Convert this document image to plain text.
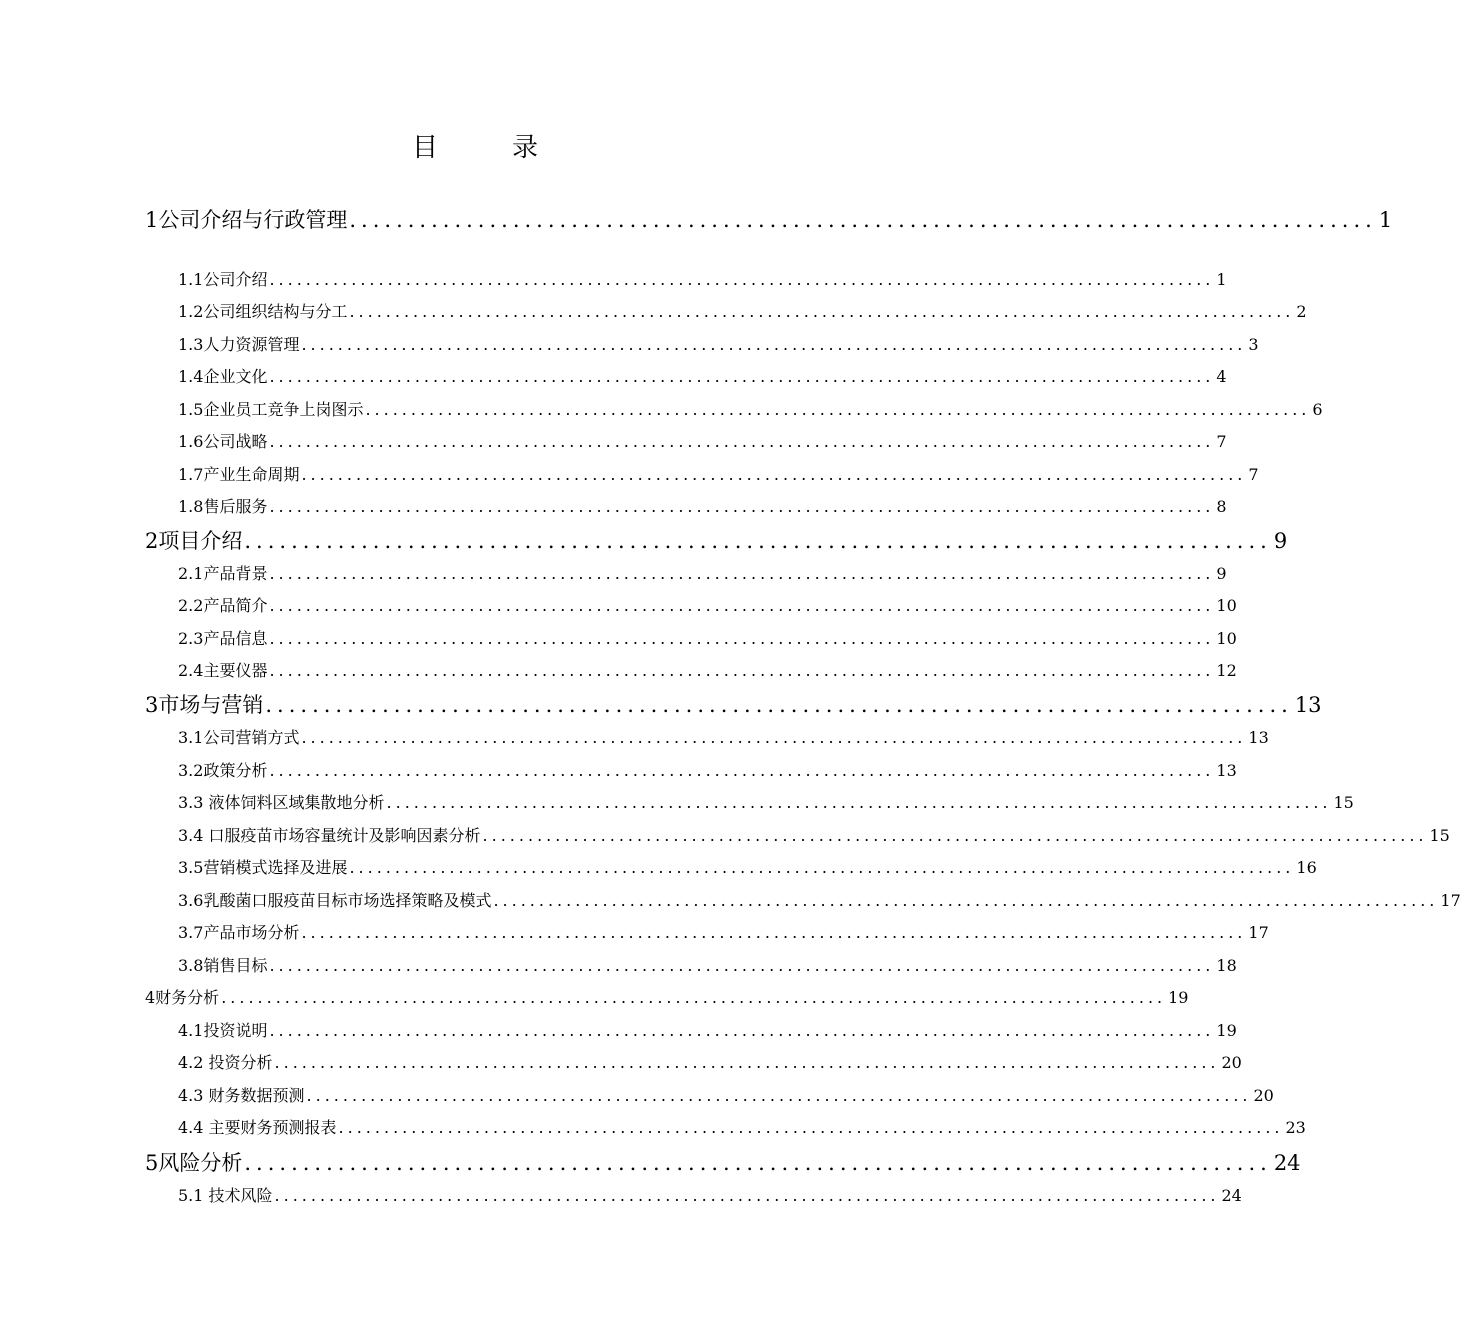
目　录
1公司介绍与行政管理 ........................................................................................ 1
1.1公司介绍 ........................................................................................................ 1
1.2公司组织结构与分工 ........................................................................................................ 2
1.3人力资源管理 ........................................................................................................ 3
1.4企业文化 ........................................................................................................ 4
1.5企业员工竞争上岗图示 ........................................................................................................ 6
1.6公司战略 ........................................................................................................ 7
1.7产业生命周期 ........................................................................................................ 7
1.8售后服务 ........................................................................................................ 8
2项目介绍 ........................................................................................ 9
2.1产品背景 ........................................................................................................ 9
2.2产品简介 ........................................................................................................ 10
2.3产品信息 ........................................................................................................ 10
2.4主要仪器 ........................................................................................................ 12
3市场与营销 ........................................................................................ 13
3.1公司营销方式 ........................................................................................................ 13
3.2政策分析 ........................................................................................................ 13
3.3 液体饲料区域集散地分析 ........................................................................................................ 15
3.4 口服疫苗市场容量统计及影响因素分析 ........................................................................................................ 15
3.5营销模式选择及进展 ........................................................................................................ 16
3.6乳酸菌口服疫苗目标市场选择策略及模式 ........................................................................................................ 17
3.7产品市场分析 ........................................................................................................ 17
3.8销售目标 ........................................................................................................ 18
4财务分析 ........................................................................................................ 19
4.1投资说明 ........................................................................................................ 19
4.2 投资分析 ........................................................................................................ 20
4.3 财务数据预测 ........................................................................................................ 20
4.4 主要财务预测报表 ........................................................................................................ 23
5风险分析 ........................................................................................ 24
5.1 技术风险 ........................................................................................................ 24
